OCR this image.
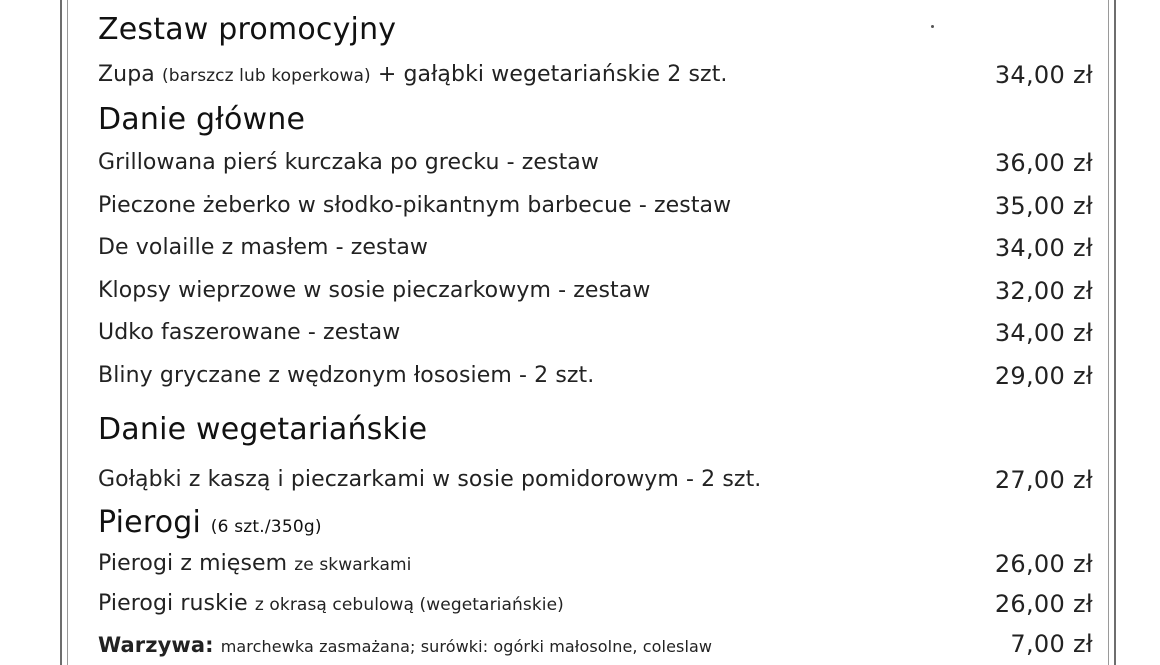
Zestaw promocyjny
Zupa (barszcz lub koperkowa) + gałąbki wegetariańskie 2 szt.	34,00 zł
Danie główne
Grillowana pierś kurczaka po grecku - zestaw	36,00 zł
Pieczone żeberko w słodko-pikantnym barbecue - zestaw	35,00 zł
De volaille z masłem - zestaw	34,00 zł
Klopsy wieprzowe w sosie pieczarkowym - zestaw	32,00 zł
Udko faszerowane - zestaw	34,00 zł
Bliny gryczane z wędzonym łososiem - 2 szt.	29,00 zł
Danie wegetariańskie
Gołąbki z kaszą i pieczarkami w sosie pomidorowym - 2 szt.	27,00 zł
Pierogi (6 szt./350g)
Pierogi z mięsem ze skwarkami	26,00 zł
Pierogi ruskie z okrasą cebulową (wegetariańskie)	26,00 zł
Warzywa: marchewka zasmażana; surówki: ogórki małosolne, coleslaw	7,00 zł
